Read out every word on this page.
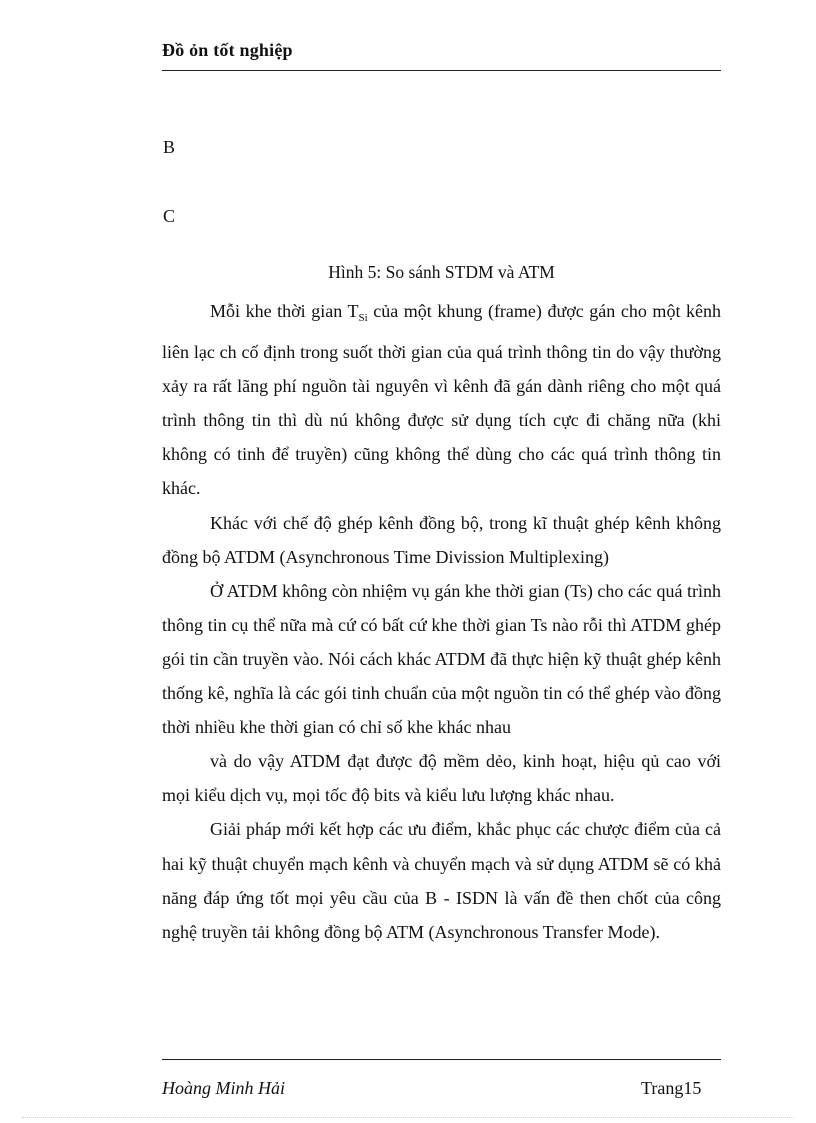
Đồ ỏn tốt nghiệp
B
C
Hình 5: So sánh STDM và ATM

Mỗi khe thời gian $T_{Si}$ của một khung (frame) được gán cho một kênh liên lạc ch cố định trong suốt thời gian của quá trình thông tin do vậy thường xảy ra rất lãng phí nguồn tài nguyên vì kênh đã gán dành riêng cho một quá trình thông tin thì dù nú không được sử dụng tích cực đi chăng nữa (khi không có tinh để truyền) cũng không thể dùng cho các quá trình thông tin khác.

Khác với chế độ ghép kênh đồng bộ, trong kĩ thuật ghép kênh không đồng bộ ATDM (Asynchronous Time Divission Multiplexing)

Ở ATDM không còn nhiệm vụ gán khe thời gian (Ts) cho các quá trình thông tin cụ thể nữa mà cứ có bất cứ khe thời gian Ts nào rỗi thì ATDM ghép gói tin cần truyền vào. Nói cách khác ATDM đã thực hiện kỹ thuật ghép kênh thống kê, nghĩa là các gói tinh chuẩn của một nguồn tin có thể ghép vào đồng thời nhiều khe thời gian có chỉ số khe khác nhau

và do vậy ATDM đạt được độ mềm dẻo, kinh hoạt, hiệu qủ cao với mọi kiểu dịch vụ, mọi tốc độ bits và kiểu lưu lượng khác nhau.

Giải pháp mới kết hợp các ưu điểm, khắc phục các chược điểm của cả hai kỹ thuật chuyển mạch kênh và chuyển mạch và sử dụng ATDM sẽ có khả năng đáp ứng tốt mọi yêu cầu của B - ISDN là vấn đề then chốt của công nghệ truyền tải không đồng bộ ATM (Asynchronous Transfer Mode).

Hoàng Minh Hải	Trang15
